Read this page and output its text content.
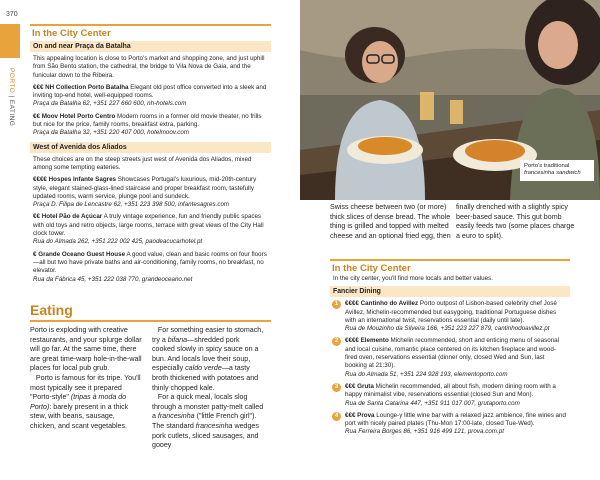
370
PORTO | EATING
In the City Center
On and near Praça da Batalha

This appealing location is close to Porto's market and shopping zone, and just uphill from São Bento station, the cathedral, the bridge to Vila Nova de Gaia, and the funicular down to the Ribeira.

€€€ NH Collection Porto Batalha Elegant old post office converted into a sleek and inviting top-end hotel, well-equipped rooms.
Praça da Batalha 62, +351 227 660 600, nh-hotels.com

€€ Moov Hotel Porto Centro Modern rooms in a former old movie theater, no frills but nice for the price, family rooms, breakfast extra, parking.
Praça da Batalha 32, +351 220 407 000, hotelmoov.com

West of Avenida dos Aliados

These choices are on the steep streets just west of Avenida dos Aliados, mixed among some tempting eateries.

€€€€ Hospes Infante Sagres Showcases Portugal's luxurious, mid-20th-century style, elegant stained-glass-lined staircase and proper breakfast room, tastefully updated rooms, warm service, plunge pool and sundeck.
Praça D. Filipa de Lencastre 62, +351 223 398 500, infantesagres.com

€€ Hotel Pão de Açúcar A truly vintage experience, fun and friendly public spaces with old toys and retro objects, large rooms, terrace with great views of the City Hall clock tower.
Rua do Almada 262, +351 222 002 425, paodeacucarhotel.pt

€ Grande Oceano Guest House A good value, clean and basic rooms on four floors—all but two have private baths and air-conditioning, family rooms, no breakfast, no elevator.
Rua da Fábrica 45, +351 222 038 770, grandeoceano.net

Eating

Porto is exploding with creative restaurants, and your splurge dollar will go far. At the same time, there are great time-warp hole-in-the-wall places for local pub grub.

Porto is famous for its tripe. You'll most typically see it prepared "Porto-style" (tripas à moda do Porto): barely present in a thick stew, with beans, sausage, chicken, and scant vegetables.

For something easier to stomach, try a bifana—shredded pork cooked slowly in spicy sauce on a bun. And locals love their soup, especially caldo verde—a tasty broth thickened with potatoes and thinly chopped kale.

For a quick meal, locals slog through a monster patty-melt called a francesinha ("little French girl"). The standard francesinha wedges pork cutlets, sliced sausages, and gooey

Porto's traditional
francesinha sandwich
Swiss cheese between two (or more) thick slices of dense bread. The whole thing is grilled and topped with melted cheese and an optional fried egg, then
finally drenched with a slightly spicy beer-based sauce. This gut bomb easily feeds two (some places charge a euro to split).
In the City Center

In the city center, you'll find more locals and better values.

Fancier Dining
1	€€€€ Cantinho do Avillez Porto outpost of Lisbon-based celebrity chef José Avillez, Michelin-recommended but easygoing, traditional Portuguese dishes with an international twist, reservations essential (daily until late).
Rua de Mouzinho da Silveira 166, +351 223 227 879, cantinhodoavillez.pt
2	€€€€ Elemento Michelin recommended, short and enticing menu of seasonal and local cuisine, romantic place centered on its kitchen fireplace and wood-fired oven, reservations essential (dinner only, closed Wed and Sun, last booking at 21:30).
Rua do Almada 51, +351 224 928 193, elementoporto.com
3	€€€ Gruta Michelin recommended, all about fish, modern dining room with a happy minimalist vibe, reservations essential (closed Sun and Mon).
Rua de Santa Catarina 447, +351 911 017 007, grutaporto.com
4	€€€ Prova Lounge-y little wine bar with a relaxed jazz ambience, fine wines and port with nicely paired plates (Thu-Mon 17:00-late, closed Tue-Wed).
Rua Ferreira Borges 86, +351 916 499 121, prova.com.pt
